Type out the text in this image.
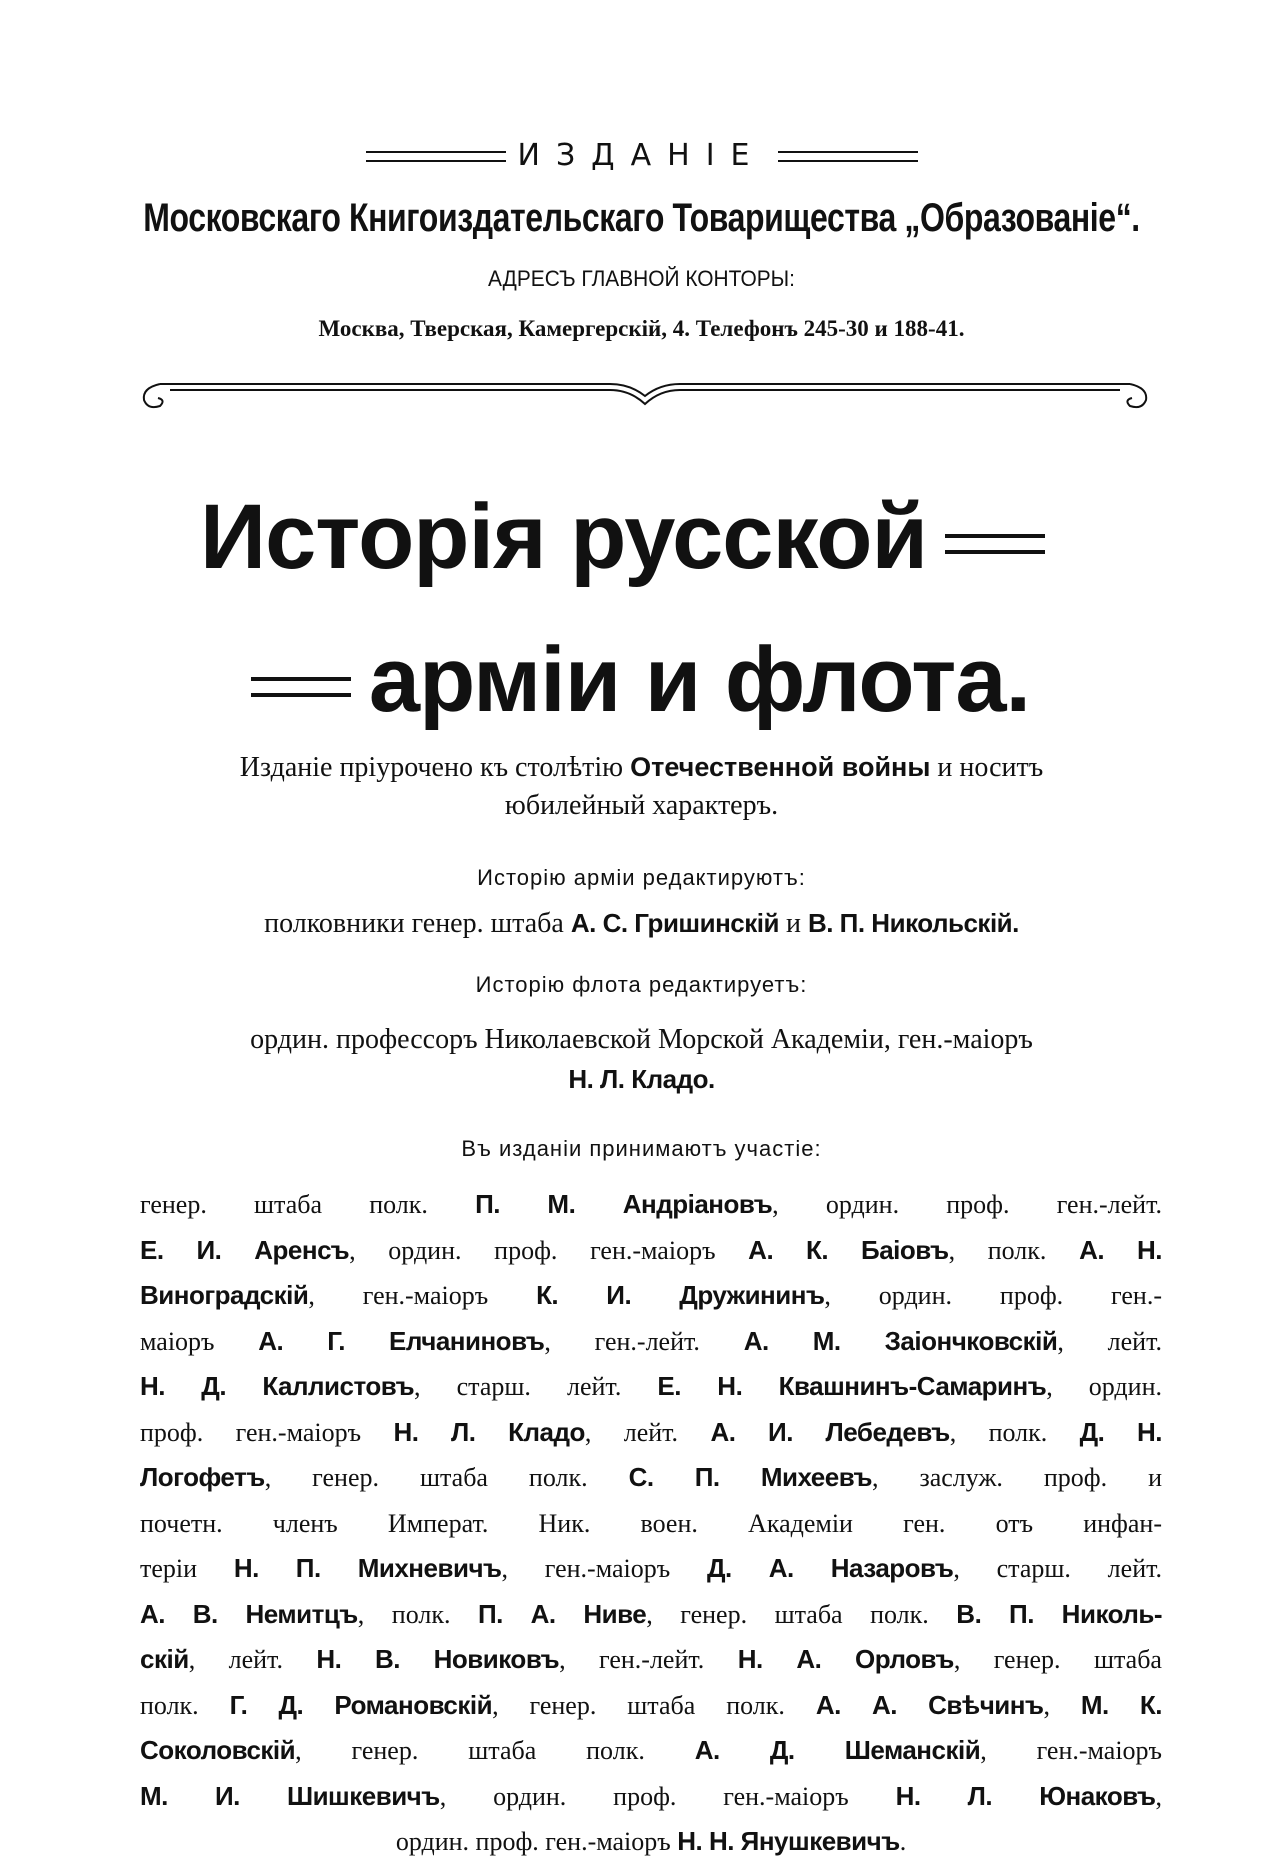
ИЗДАНІЕ
Московскаго Книгоиздательскаго Товарищества „Образованіе“.
АДРЕСЪ ГЛАВНОЙ КОНТОРЫ:
Москва, Тверская, Камергерскій, 4. Телефонъ 245-30 и 188-41.
Исторія русской
арміи и флота.
Изданіе пріурочено къ столѣтію Отечественной войны и носитъ
юбилейный характеръ.
Исторію арміи редактируютъ:
полковники генер. штаба А. С. Гришинскій и В. П. Никольскій.
Исторію флота редактируетъ:
ордин. профессоръ Николаевской Морской Академіи, ген.-маіоръ
Н. Л. Кладо.
Въ изданіи принимаютъ участіе:
генер. штаба полк. П. М. Андріановъ, ордин. проф. ген.-лейт.
Е. И. Аренсъ, ордин. проф. ген.-маіоръ А. К. Баіовъ, полк. А. Н.
Виноградскій, ген.-маіоръ К. И. Дружининъ, ордин. проф. ген.-
маіоръ А. Г. Елчаниновъ, ген.-лейт. А. М. Заіончковскій, лейт.
Н. Д. Каллистовъ, старш. лейт. Е. Н. Квашнинъ-Самаринъ, ордин.
проф. ген.-маіоръ Н. Л. Кладо, лейт. А. И. Лебедевъ, полк. Д. Н.
Логофетъ, генер. штаба полк. С. П. Михеевъ, заслуж. проф. и
почетн. членъ Императ. Ник. воен. Академіи ген. отъ инфан-
теріи Н. П. Михневичъ, ген.-маіоръ Д. А. Назаровъ, старш. лейт.
А. В. Немитцъ, полк. П. А. Ниве, генер. штаба полк. В. П. Николь-
скій, лейт. Н. В. Новиковъ, ген.-лейт. Н. А. Орловъ, генер. штаба
полк. Г. Д. Романовскій, генер. штаба полк. А. А. Свѣчинъ, М. К.
Соколовскій, генер. штаба полк. А. Д. Шеманскій, ген.-маіоръ
М. И. Шишкевичъ, ордин. проф. ген.-маіоръ Н. Л. Юнаковъ,
ордин. проф. ген.-маіоръ Н. Н. Янушкевичъ.
